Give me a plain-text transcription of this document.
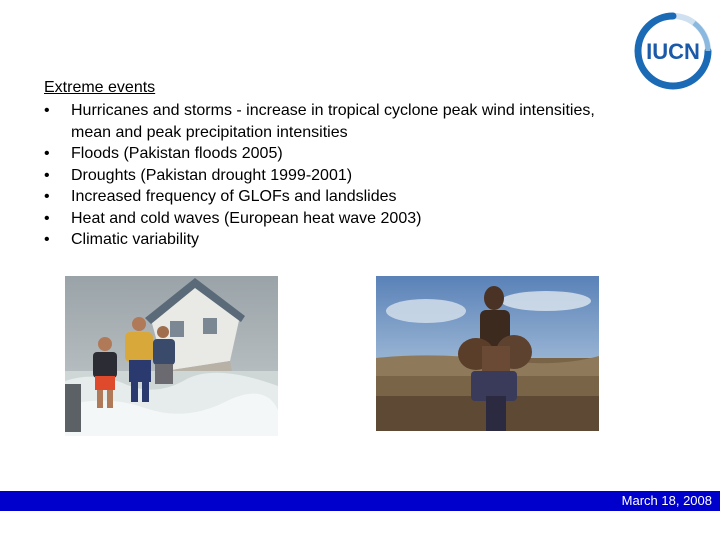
IUCN
Extreme events
•	Hurricanes and storms - increase in tropical cyclone peak wind intensities,
mean and peak precipitation intensities
•	Floods (Pakistan floods 2005)
•	Droughts (Pakistan drought 1999-2001)
•	Increased frequency of GLOFs and landslides
•	Heat and cold waves (European heat wave 2003)
•	Climatic variability
March 18, 2008
